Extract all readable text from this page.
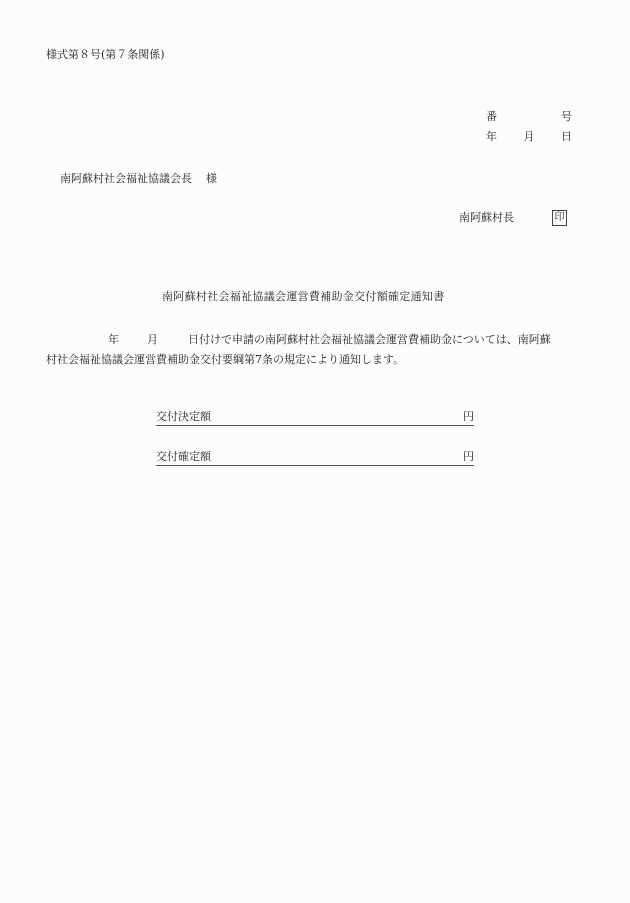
様式第８号(第７条関係)
番	号
年 月 日
南阿蘇村社会福祉協議会長 様
南阿蘇村長	印
南阿蘇村社会福祉協議会運営費補助金交付額確定通知書
年	月	日付けで申請の南阿蘇村社会福祉協議会運営費補助金については、南阿蘇
村社会福祉協議会運営費補助金交付要綱第7条の規定により通知します。
交付決定額	円
交付確定額	円
